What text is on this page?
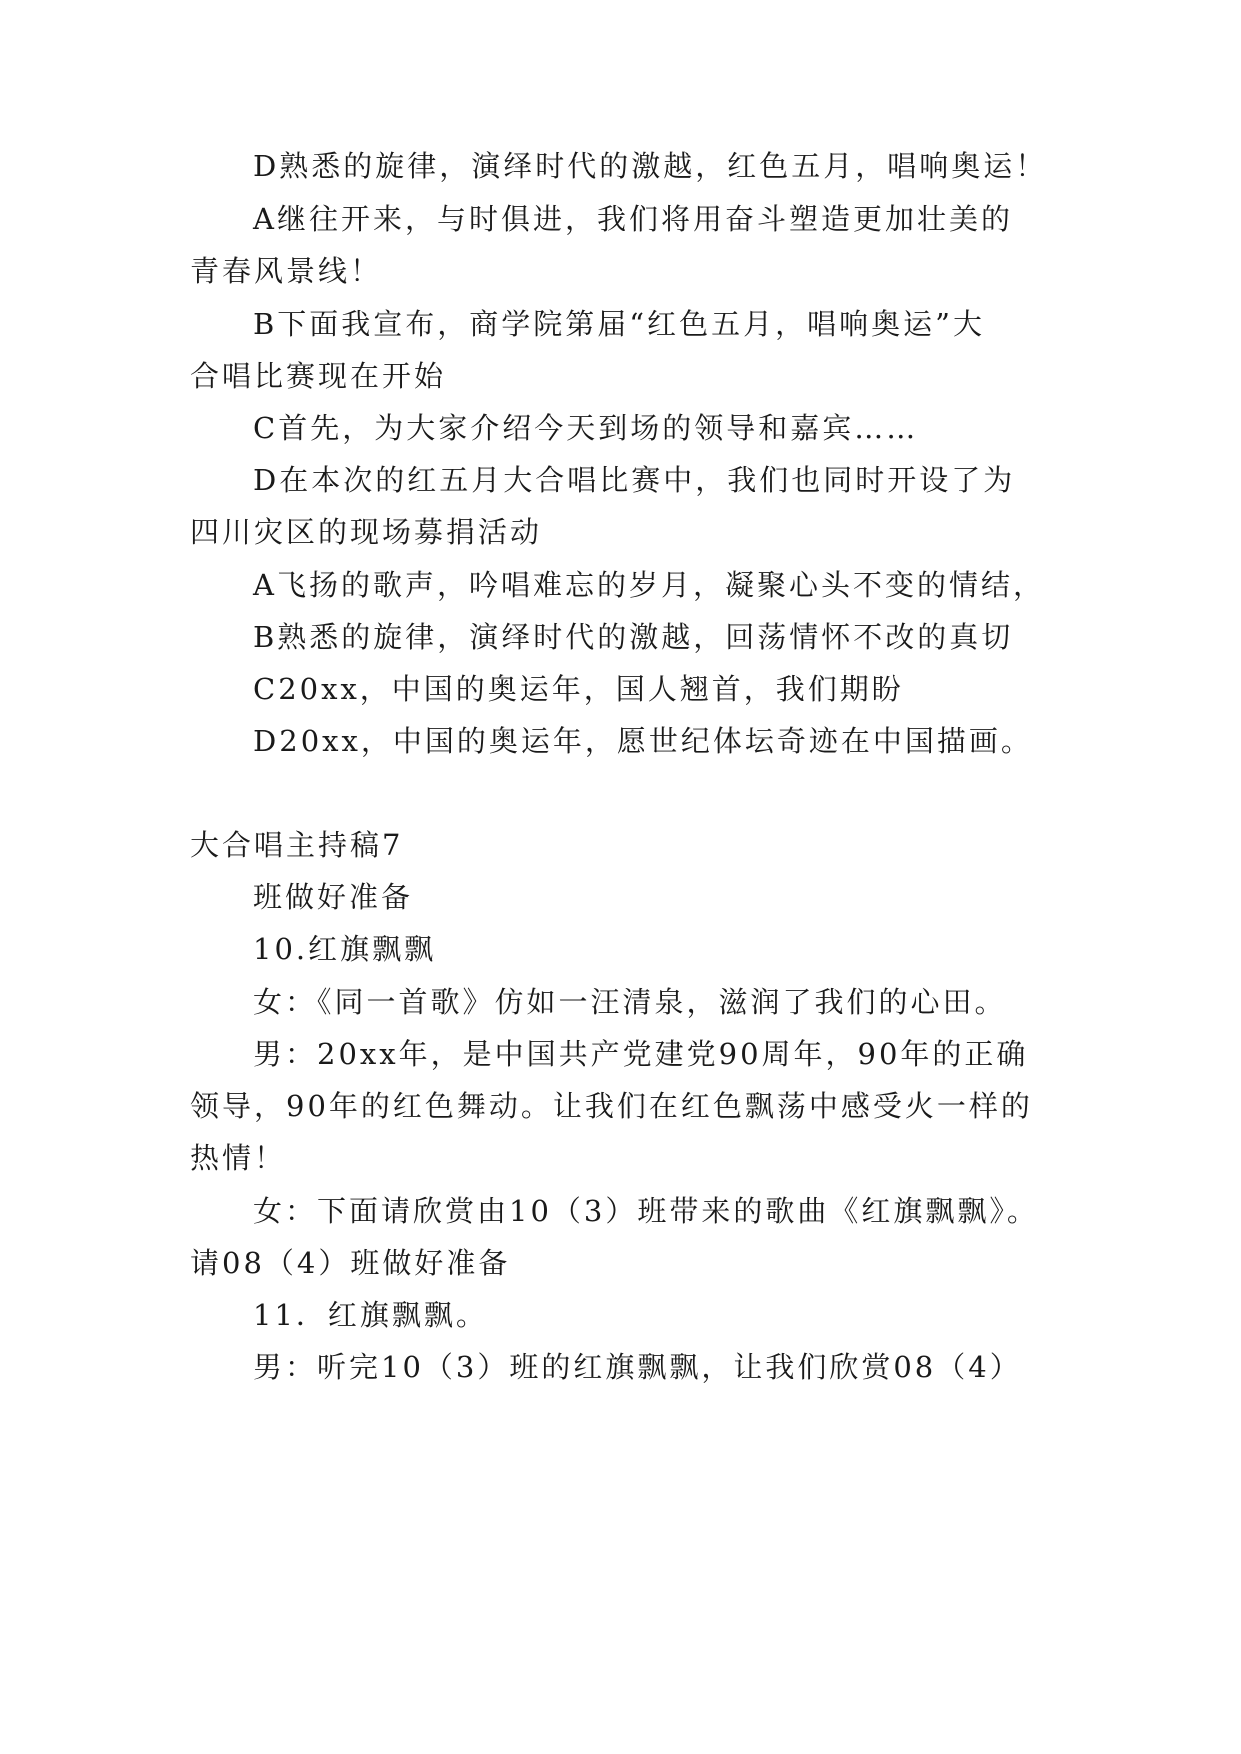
D熟悉的旋律，演绎时代的激越，红色五月，唱响奥运！
A继往开来，与时俱进，我们将用奋斗塑造更加壮美的
青春风景线！
B下面我宣布，商学院第届“红色五月，唱响奥运”大
合唱比赛现在开始
C首先，为大家介绍今天到场的领导和嘉宾……
D在本次的红五月大合唱比赛中，我们也同时开设了为
四川灾区的现场募捐活动
A飞扬的歌声，吟唱难忘的岁月，凝聚心头不变的情结，
B熟悉的旋律，演绎时代的激越，回荡情怀不改的真切
C20xx，中国的奥运年，国人翘首，我们期盼
D20xx，中国的奥运年，愿世纪体坛奇迹在中国描画。
大合唱主持稿7
班做好准备
10.红旗飘飘
女：《同一首歌》仿如一汪清泉，滋润了我们的心田。
男：20xx年，是中国共产党建党90周年，90年的正确
领导，90年的红色舞动。让我们在红色飘荡中感受火一样的
热情！
女：下面请欣赏由10（3）班带来的歌曲《红旗飘飘》。
请08（4）班做好准备
11．红旗飘飘。
男：听完10（3）班的红旗飘飘，让我们欣赏08（4）
